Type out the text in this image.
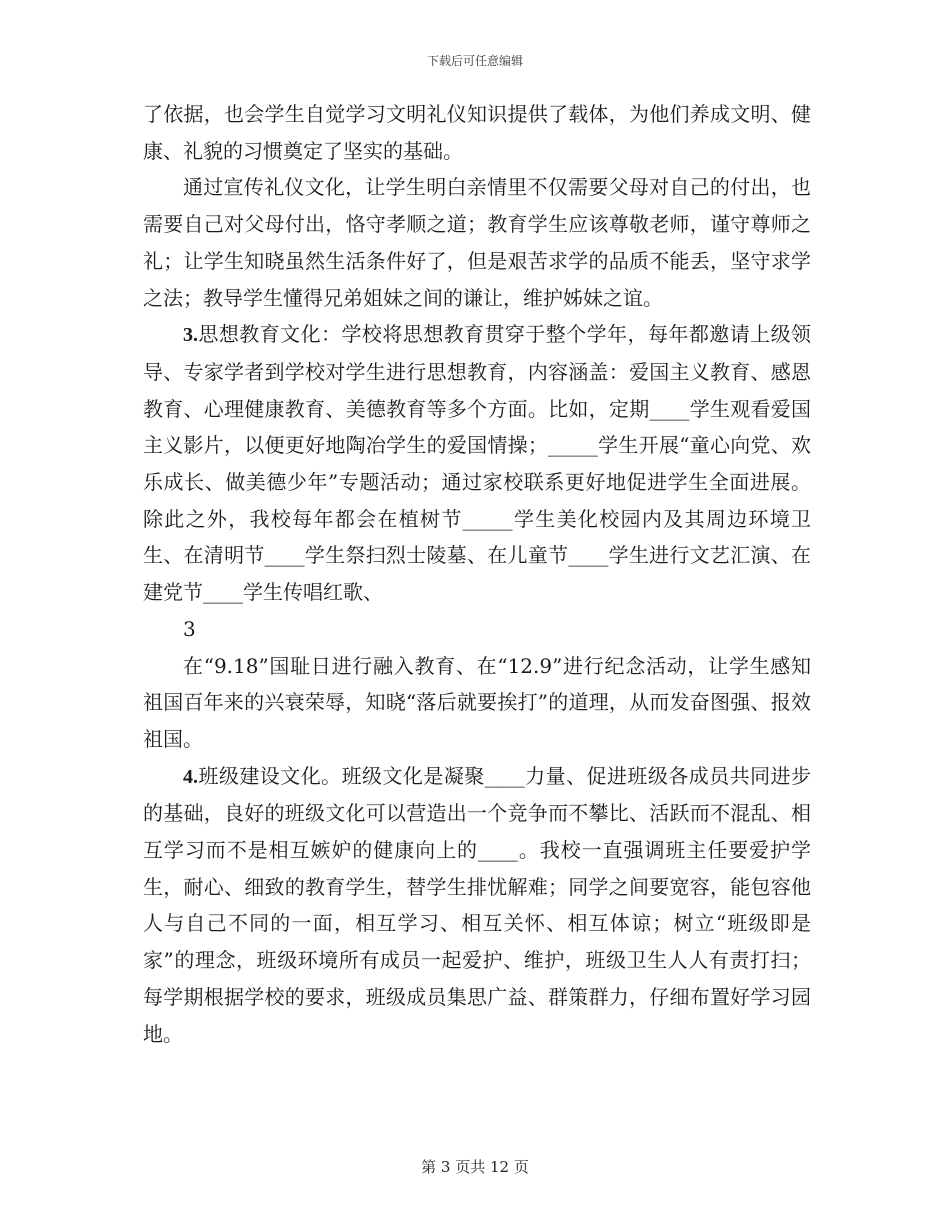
下载后可任意编辑

了依据，也会学生自觉学习文明礼仪知识提供了载体，为他们养成文明、健康、礼貌的习惯奠定了坚实的基础。

通过宣传礼仪文化，让学生明白亲情里不仅需要父母对自己的付出，也需要自己对父母付出，恪守孝顺之道；教育学生应该尊敬老师，谨守尊师之礼；让学生知晓虽然生活条件好了，但是艰苦求学的品质不能丢，坚守求学之法；教导学生懂得兄弟姐妹之间的谦让，维护姊妹之谊。

3.思想教育文化：学校将思想教育贯穿于整个学年，每年都邀请上级领导、专家学者到学校对学生进行思想教育，内容涵盖：爱国主义教育、感恩教育、心理健康教育、美德教育等多个方面。比如，定期____学生观看爱国主义影片，以便更好地陶冶学生的爱国情操；_____学生开展“童心向党、欢乐成长、做美德少年”专题活动；通过家校联系更好地促进学生全面进展。除此之外，我校每年都会在植树节_____学生美化校园内及其周边环境卫生、在清明节____学生祭扫烈士陵墓、在儿童节____学生进行文艺汇演、在建党节____学生传唱红歌、

3

在“9.18”国耻日进行融入教育、在“12.9”进行纪念活动，让学生感知祖国百年来的兴衰荣辱，知晓“落后就要挨打”的道理，从而发奋图强、报效祖国。

4.班级建设文化。班级文化是凝聚____力量、促进班级各成员共同进步的基础，良好的班级文化可以营造出一个竞争而不攀比、活跃而不混乱、相互学习而不是相互嫉妒的健康向上的____。我校一直强调班主任要爱护学生，耐心、细致的教育学生，替学生排忧解难；同学之间要宽容，能包容他人与自己不同的一面，相互学习、相互关怀、相互体谅；树立“班级即是家”的理念，班级环境所有成员一起爱护、维护，班级卫生人人有责打扫；每学期根据学校的要求，班级成员集思广益、群策群力，仔细布置好学习园地。

第 3 页共 12 页
